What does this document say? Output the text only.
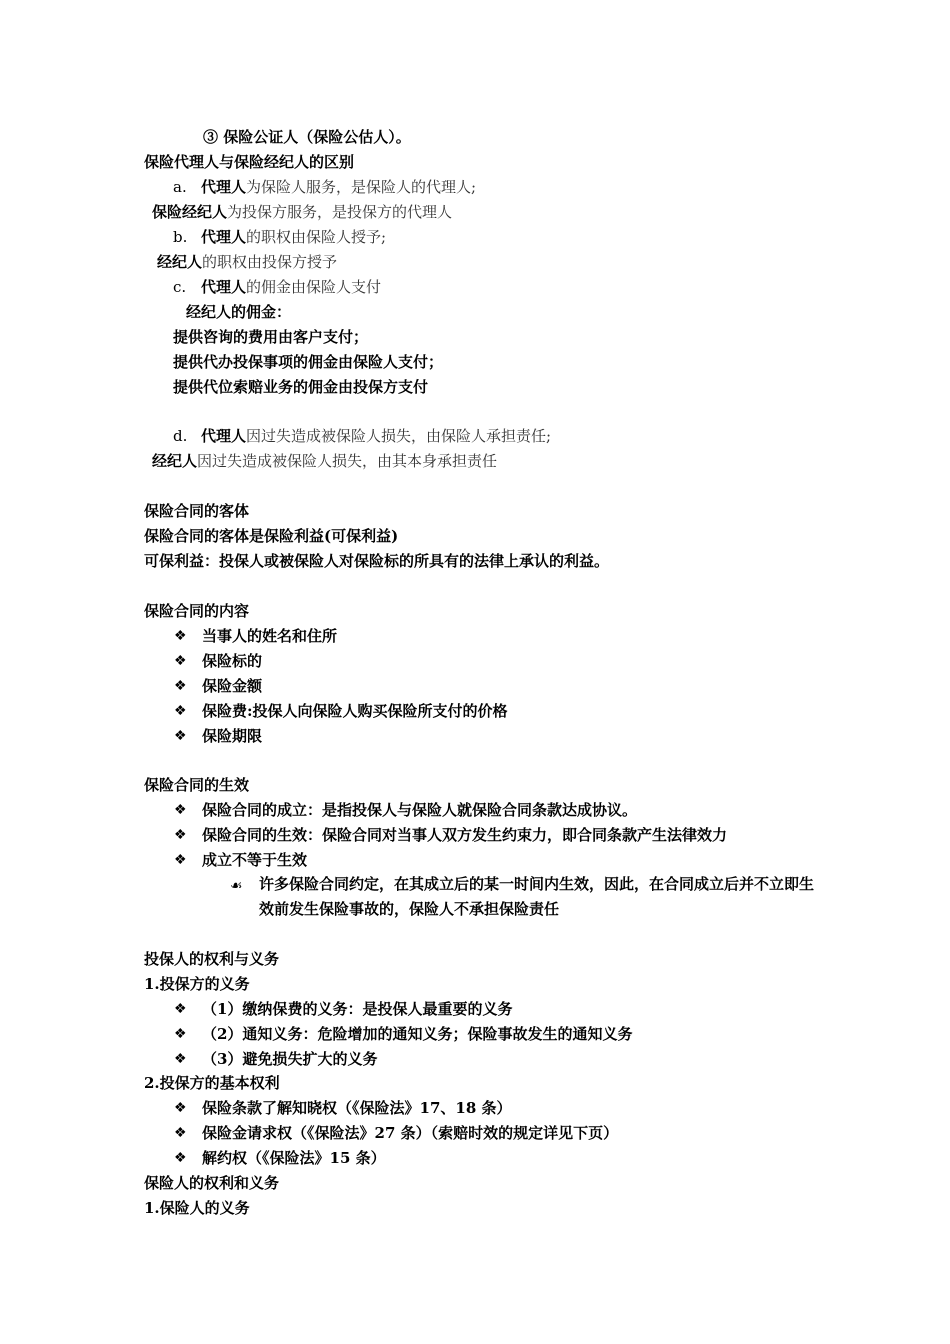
③ 保险公证人（保险公估人）。
保险代理人与保险经纪人的区别
a. 代理人为保险人服务，是保险人的代理人;
保险经纪人为投保方服务，是投保方的代理人
b. 代理人的职权由保险人授予;
经纪人的职权由投保方授予
c. 代理人的佣金由保险人支付
经纪人的佣金：
提供咨询的费用由客户支付；
提供代办投保事项的佣金由保险人支付；
提供代位索赔业务的佣金由投保方支付
d. 代理人因过失造成被保险人损失，由保险人承担责任;
经纪人因过失造成被保险人损失，由其本身承担责任
保险合同的客体
保险合同的客体是保险利益(可保利益)
可保利益：投保人或被保险人对保险标的所具有的法律上承认的利益。
保险合同的内容
❖ 当事人的姓名和住所
❖ 保险标的
❖ 保险金额
❖ 保险费:投保人向保险人购买保险所支付的价格
❖ 保险期限
保险合同的生效
❖ 保险合同的成立：是指投保人与保险人就保险合同条款达成协议。
❖ 保险合同的生效：保险合同对当事人双方发生约束力，即合同条款产生法律效力
❖ 成立不等于生效
☙ 许多保险合同约定，在其成立后的某一时间内生效，因此，在合同成立后并不立即生效前发生保险事故的，保险人不承担保险责任
投保人的权利与义务
1.投保方的义务
❖ （1）缴纳保费的义务：是投保人最重要的义务
❖ （2）通知义务：危险增加的通知义务；保险事故发生的通知义务
❖ （3）避免损失扩大的义务
2.投保方的基本权利
❖ 保险条款了解知晓权（《保险法》17、18 条）
❖ 保险金请求权（《保险法》27 条）（索赔时效的规定详见下页）
❖ 解约权（《保险法》15 条）
保险人的权利和义务
1.保险人的义务
